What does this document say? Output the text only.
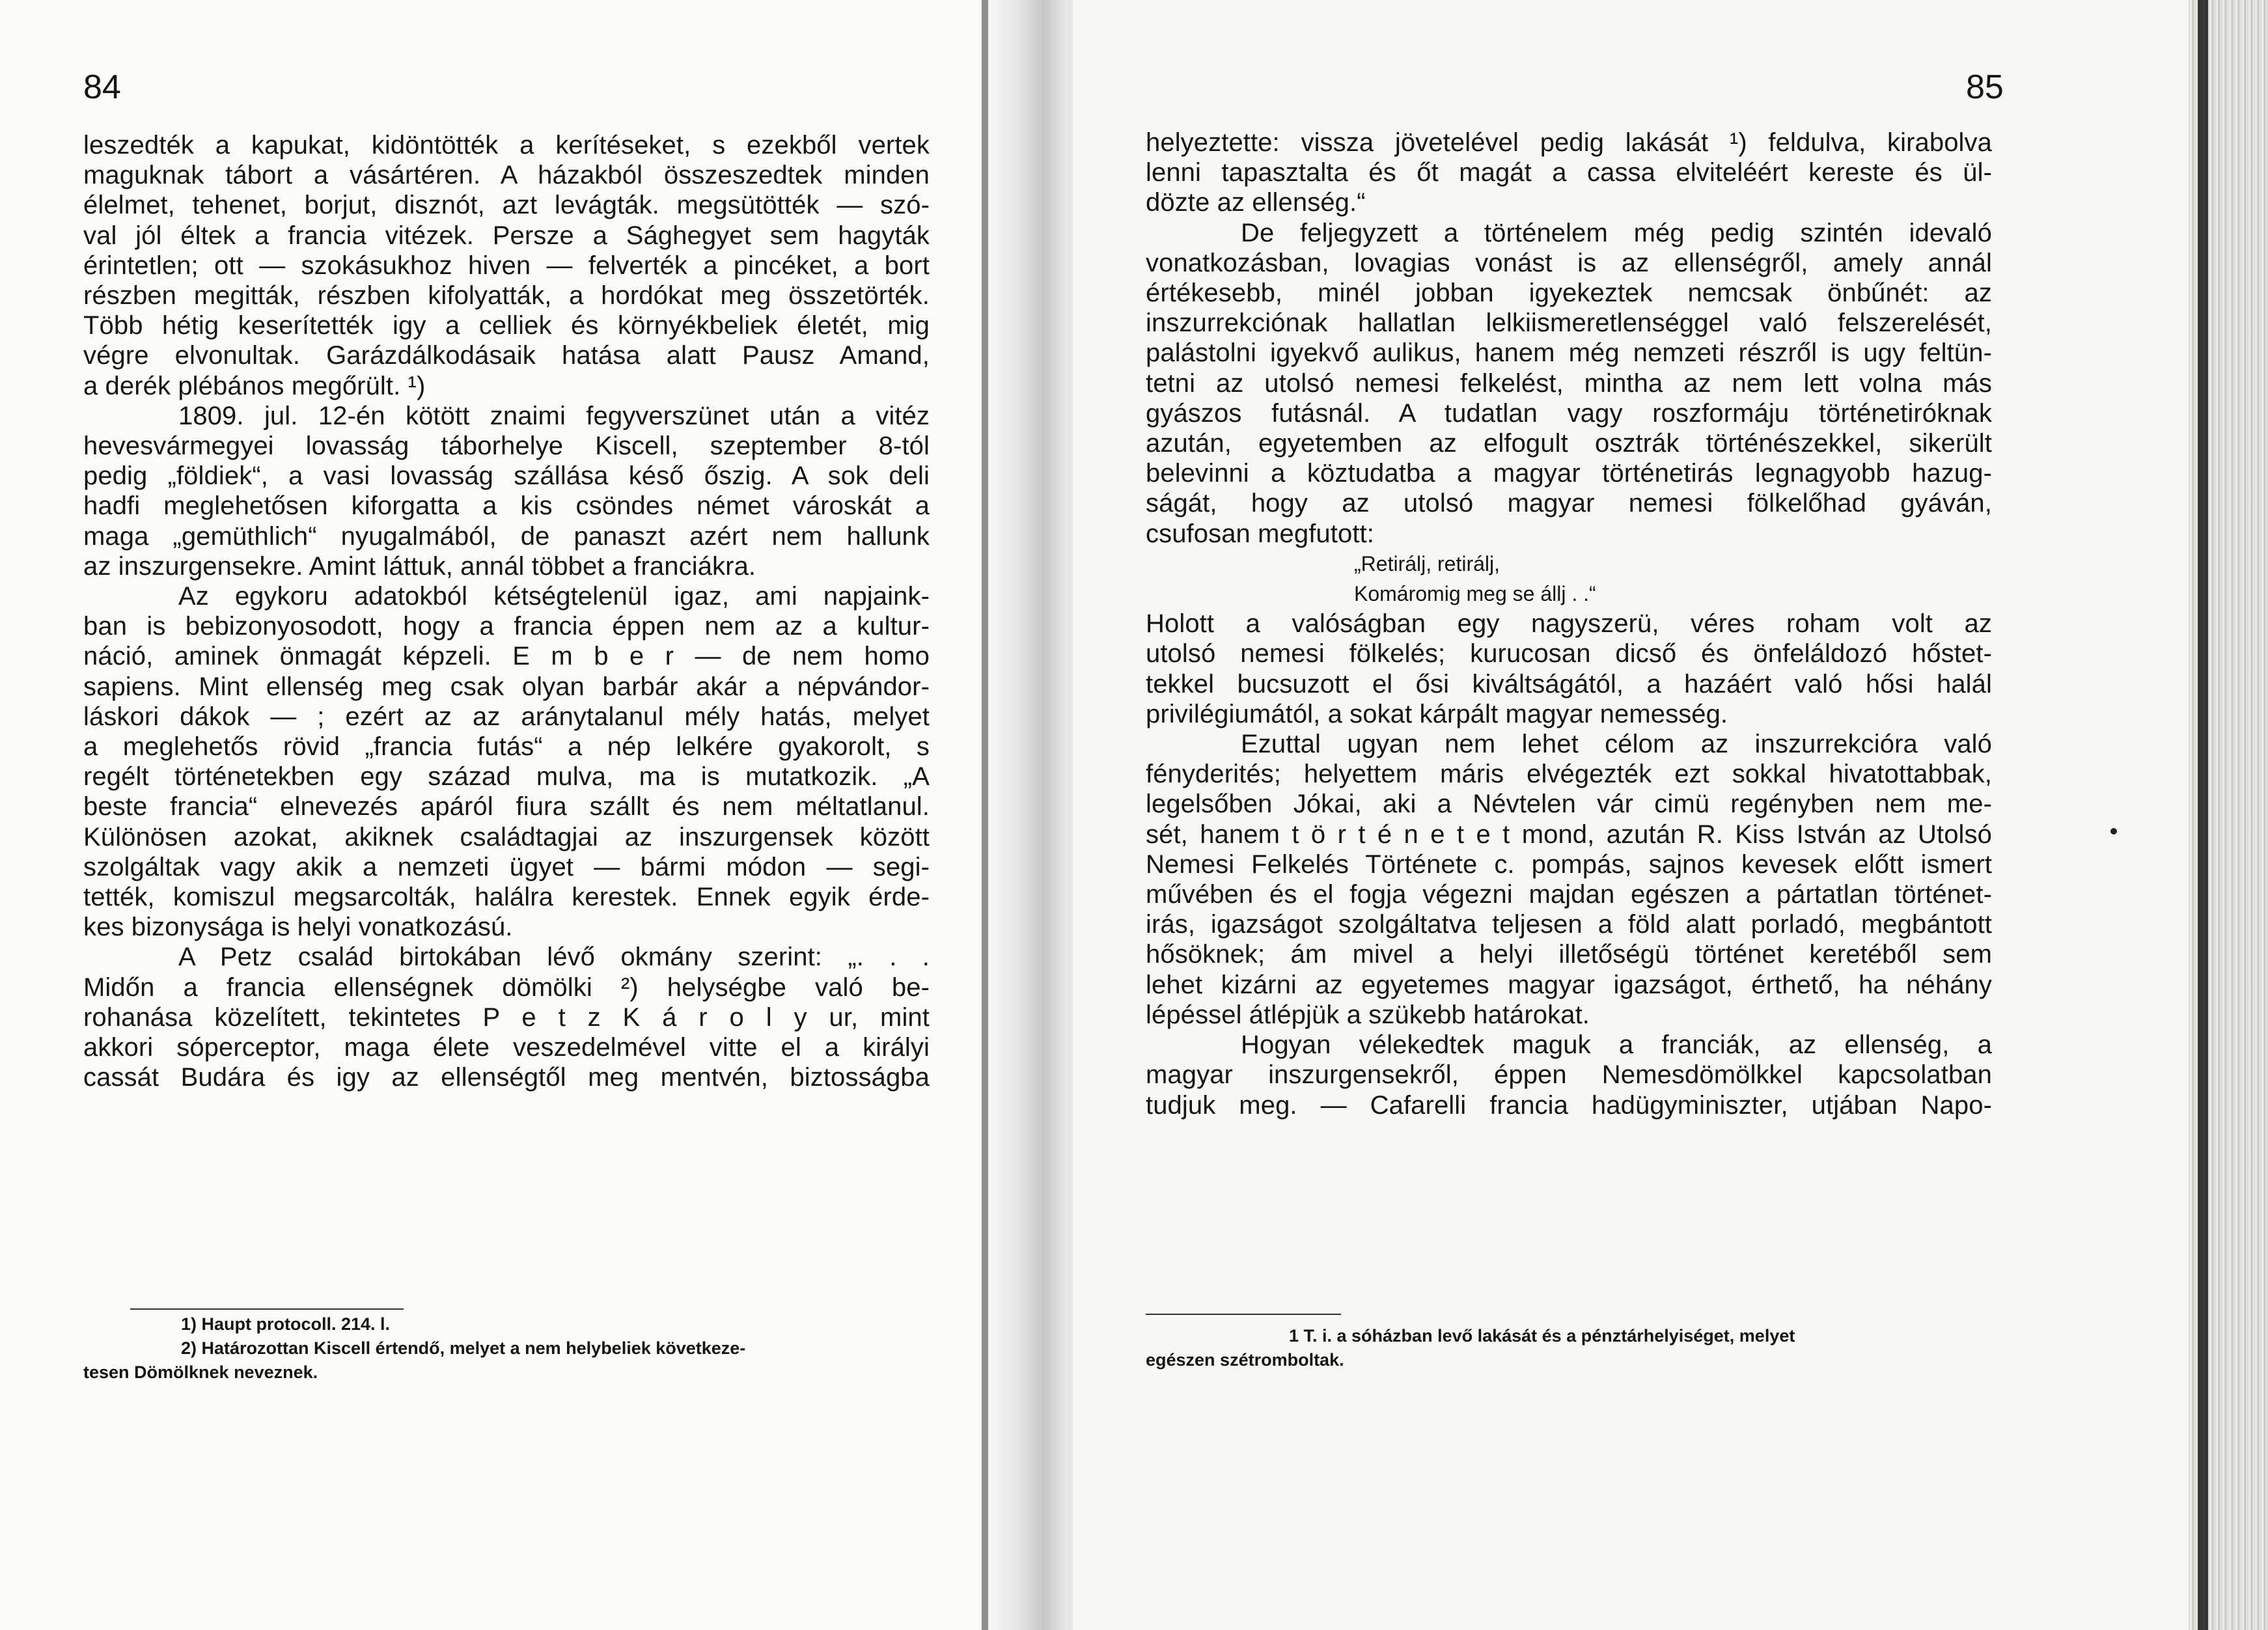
84
leszedték a kapukat, kidöntötték a kerítéseket, s ezekből vertek
maguknak tábort a vásártéren. A házakból összeszedtek minden
élelmet, tehenet, borjut, disznót, azt levágták. megsütötték — szó-
val jól éltek a francia vitézek. Persze a Sághegyet sem hagyták
érintetlen; ott — szokásukhoz hiven — felverték a pincéket, a bort
részben megitták, részben kifolyatták, a hordókat meg összetörték.
Több hétig keserítették igy a celliek és környékbeliek életét, mig
végre elvonultak. Garázdálkodásaik hatása alatt Pausz Amand,
a derék plébános megőrült. ¹)
1809. jul. 12-én kötött znaimi fegyverszünet után a vitéz
hevesvármegyei lovasság táborhelye Kiscell, szeptember 8-tól
pedig „földiek“, a vasi lovasság szállása késő őszig. A sok deli
hadfi meglehetősen kiforgatta a kis csöndes német városkát a
maga „gemüthlich“ nyugalmából, de panaszt azért nem hallunk
az inszurgensekre. Amint láttuk, annál többet a franciákra.
Az egykoru adatokból kétségtelenül igaz, ami napjaink-
ban is bebizonyosodott, hogy a francia éppen nem az a kultur-
náció, aminek önmagát képzeli. E m b e r — de nem homo
sapiens. Mint ellenség meg csak olyan barbár akár a népvándor-
láskori dákok — ; ezért az az aránytalanul mély hatás, melyet
a meglehetős rövid „francia futás“ a nép lelkére gyakorolt, s
regélt történetekben egy század mulva, ma is mutatkozik. „A
beste francia“ elnevezés apáról fiura szállt és nem méltatlanul.
Különösen azokat, akiknek családtagjai az inszurgensek között
szolgáltak vagy akik a nemzeti ügyet — bármi módon — segi-
tették, komiszul megsarcolták, halálra kerestek. Ennek egyik érde-
kes bizonysága is helyi vonatkozású.
A Petz család birtokában lévő okmány szerint: „. . .
Midőn a francia ellenségnek dömölki ²) helységbe való be-
rohanása közelített, tekintetes P e t z K á r o l y ur, mint
akkori sóperceptor, maga élete veszedelmével vitte el a királyi
cassát Budára és igy az ellenségtől meg mentvén, biztosságba
1) Haupt protocoll. 214. l.
2) Határozottan Kiscell értendő, melyet a nem helybeliek következe-
tesen Dömölknek neveznek.
85
helyeztette: vissza jövetelével pedig lakását ¹) feldulva, kirabolva
lenni tapasztalta és őt magát a cassa elviteléért kereste és ül-
dözte az ellenség.“
De feljegyzett a történelem még pedig szintén idevaló
vonatkozásban, lovagias vonást is az ellenségről, amely annál
értékesebb, minél jobban igyekeztek nemcsak önbűnét: az
inszurrekciónak hallatlan lelkiismeretlenséggel való felszerelését,
palástolni igyekvő aulikus, hanem még nemzeti részről is ugy feltün-
tetni az utolsó nemesi felkelést, mintha az nem lett volna más
gyászos futásnál. A tudatlan vagy roszformáju történetiróknak
azután, egyetemben az elfogult osztrák történészekkel, sikerült
belevinni a köztudatba a magyar történetirás legnagyobb hazug-
ságát, hogy az utolsó magyar nemesi fölkelőhad gyáván,
csufosan megfutott:
„Retirálj, retirálj,
Komáromig meg se állj . .“
Holott a valóságban egy nagyszerü, véres roham volt az
utolsó nemesi fölkelés; kurucosan dicső és önfeláldozó hőstet-
tekkel bucsuzott el ősi kiváltságától, a hazáért való hősi halál
privilégiumától, a sokat kárpált magyar nemesség.
Ezuttal ugyan nem lehet célom az inszurrekcióra való
fényderités; helyettem máris elvégezték ezt sokkal hivatottabbak,
legelsőben Jókai, aki a Névtelen vár cimü regényben nem me-
sét, hanem t ö r t é n e t e t mond, azután R. Kiss István az Utolsó
Nemesi Felkelés Története c. pompás, sajnos kevesek előtt ismert
művében és el fogja végezni majdan egészen a pártatlan történet-
irás, igazságot szolgáltatva teljesen a föld alatt porladó, megbántott
hősöknek; ám mivel a helyi illetőségü történet keretéből sem
lehet kizárni az egyetemes magyar igazságot, érthető, ha néhány
lépéssel átlépjük a szükebb határokat.
Hogyan vélekedtek maguk a franciák, az ellenség, a
magyar inszurgensekről, éppen Nemesdömölkkel kapcsolatban
tudjuk meg. — Cafarelli francia hadügyminiszter, utjában Napo-
1 T. i. a sóházban levő lakását és a pénztárhelyiséget, melyet
egészen szétromboltak.
